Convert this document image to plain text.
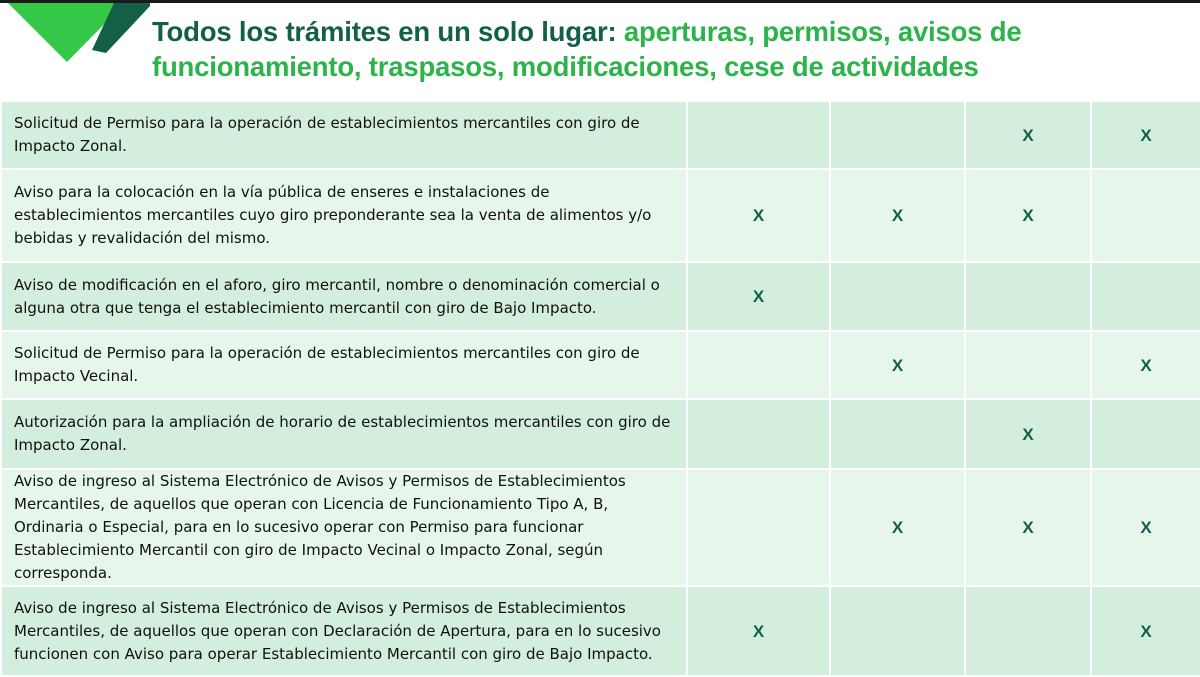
Todos los trámites en un solo lugar: aperturas, permisos, avisos de funcionamiento, traspasos, modificaciones, cese de actividades
Solicitud de Permiso para la operación de establecimientos mercantiles con giro de Impacto Zonal.			X	X
Aviso para la colocación en la vía pública de enseres e instalaciones de establecimientos mercantiles cuyo giro preponderante sea la venta de alimentos y/o bebidas y revalidación del mismo.	X	X	X	
Aviso de modificación en el aforo, giro mercantil, nombre o denominación comercial o alguna otra que tenga el establecimiento mercantil con giro de Bajo Impacto.	X			
Solicitud de Permiso para la operación de establecimientos mercantiles con giro de Impacto Vecinal.		X		X
Autorización para la ampliación de horario de establecimientos mercantiles con giro de Impacto Zonal.			X	
Aviso de ingreso al Sistema Electrónico de Avisos y Permisos de Establecimientos Mercantiles, de aquellos que operan con Licencia de Funcionamiento Tipo A, B, Ordinaria o Especial, para en lo sucesivo operar con Permiso para funcionar Establecimiento Mercantil con giro de Impacto Vecinal o Impacto Zonal, según corresponda.		X	X	X
Aviso de ingreso al Sistema Electrónico de Avisos y Permisos de Establecimientos Mercantiles, de aquellos que operan con Declaración de Apertura, para en lo sucesivo funcionen con Aviso para operar Establecimiento Mercantil con giro de Bajo Impacto.	X			X
